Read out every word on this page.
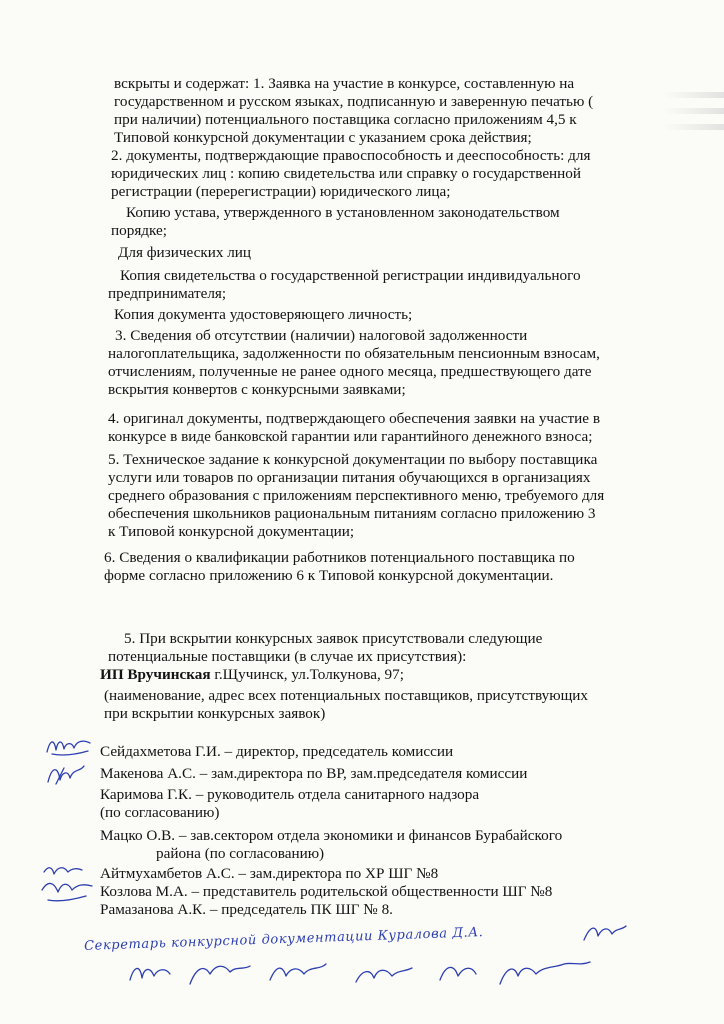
вскрыты и содержат: 1. Заявка на участие в конкурсе, составленную на

государственном и русском языках, подписанную и заверенную печатью (

при наличии) потенциального поставщика согласно приложениям 4,5 к

Типовой конкурсной документации с указанием срока действия;

2. документы, подтверждающие правоспособность и дееспособность: для

юридических лиц : копию свидетельства или справку о государственной

регистрации (перерегистрации) юридического лица;

Копию устава, утвержденного в установленном законодательством

порядке;

Для физических лиц

Копия свидетельства о государственной регистрации индивидуального

предпринимателя;

Копия документа удостоверяющего личность;

3. Сведения об отсутствии (наличии) налоговой задолженности

налогоплательщика, задолженности по обязательным пенсионным взносам,

отчислениям, полученные не ранее одного месяца, предшествующего дате

вскрытия конвертов с конкурсными заявками;

4. оригинал документы, подтверждающего обеспечения заявки на участие в

конкурсе в виде банковской гарантии или гарантийного денежного взноса;

5. Техническое задание к конкурсной документации по выбору поставщика

услуги или товаров по организации питания обучающихся в организациях

среднего образования с приложениям перспективного меню, требуемого для

обеспечения школьников рациональным питаниям согласно приложению 3

к Типовой конкурсной документации;

6. Сведения о квалификации работников потенциального поставщика по

форме согласно приложению 6 к Типовой конкурсной документации.

5. При вскрытии конкурсных заявок присутствовали следующие

потенциальные поставщики (в случае их присутствия):

ИП Вручинская г.Щучинск, ул.Толкунова, 97;

(наименование, адрес всех потенциальных поставщиков, присутствующих

при вскрытии конкурсных заявок)

Сейдахметова Г.И. – директор, председатель комиссии

Макенова А.С. – зам.директора по ВР, зам.председателя комиссии

Каримова Г.К. – руководитель отдела санитарного надзора

(по согласованию)

Мацко О.В. – зав.сектором отдела экономики и финансов Бурабайского

района (по согласованию)

Айтмухамбетов А.С. – зам.директора по ХР ШГ №8

Козлова М.А. – представитель родительской общественности ШГ №8

Рамазанова А.К. – председатель ПК ШГ № 8.

Секретарь конкурсной документации Куралова Д.А.
